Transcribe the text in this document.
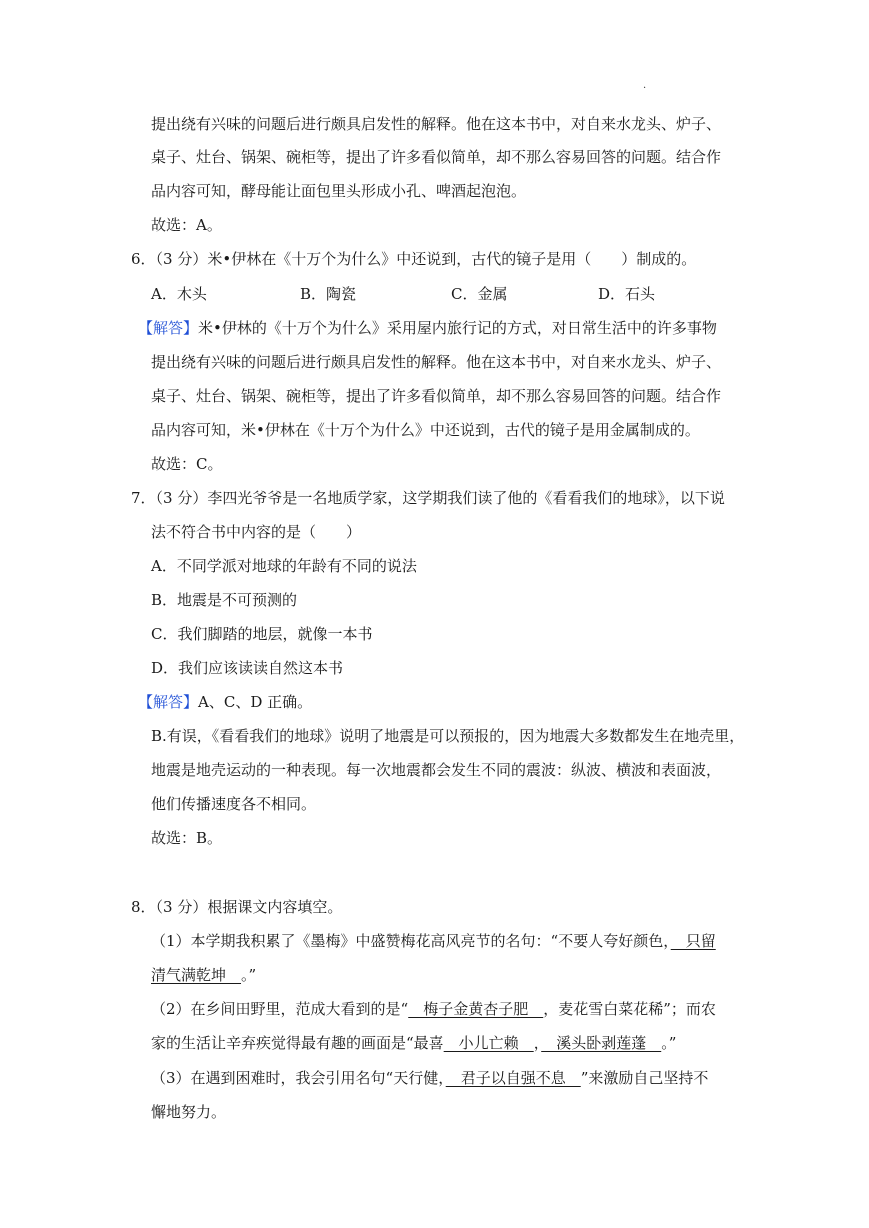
.
提出绕有兴味的问题后进行颇具启发性的解释。他在这本书中，对自来水龙头、炉子、
桌子、灶台、锅架、碗柜等，提出了许多看似简单，却不那么容易回答的问题。结合作
品内容可知，酵母能让面包里头形成小孔、啤酒起泡泡。
故选：A。
6．（3 分）米•伊林在《十万个为什么》中还说到，古代的镜子是用（　　）制成的。
A．木头	B．陶瓷	C．金属	D．石头
【解答】米•伊林的《十万个为什么》采用屋内旅行记的方式，对日常生活中的许多事物
提出绕有兴味的问题后进行颇具启发性的解释。他在这本书中，对自来水龙头、炉子、
桌子、灶台、锅架、碗柜等，提出了许多看似简单，却不那么容易回答的问题。结合作
品内容可知，米•伊林在《十万个为什么》中还说到，古代的镜子是用金属制成的。
故选：C。
7．（3 分）李四光爷爷是一名地质学家，这学期我们读了他的《看看我们的地球》，以下说
法不符合书中内容的是（　　）
A．不同学派对地球的年龄有不同的说法
B．地震是不可预测的
C．我们脚踏的地层，就像一本书
D．我们应该读读自然这本书
【解答】A、C、D 正确。
B.有误，《看看我们的地球》说明了地震是可以预报的，因为地震大多数都发生在地壳里，
地震是地壳运动的一种表现。每一次地震都会发生不同的震波：纵波、横波和表面波，
他们传播速度各不相同。
故选：B。
8．（3 分）根据课文内容填空。
（1）本学期我积累了《墨梅》中盛赞梅花高风亮节的名句：“不要人夸好颜色，　只留
清气满乾坤　。”
（2）在乡间田野里，范成大看到的是“　梅子金黄杏子肥　，麦花雪白菜花稀”；而农
家的生活让辛弃疾觉得最有趣的画面是“最喜　小儿亡赖　，　溪头卧剥莲蓬　。”
（3）在遇到困难时，我会引用名句“天行健，　君子以自强不息　”来激励自己坚持不
懈地努力。
